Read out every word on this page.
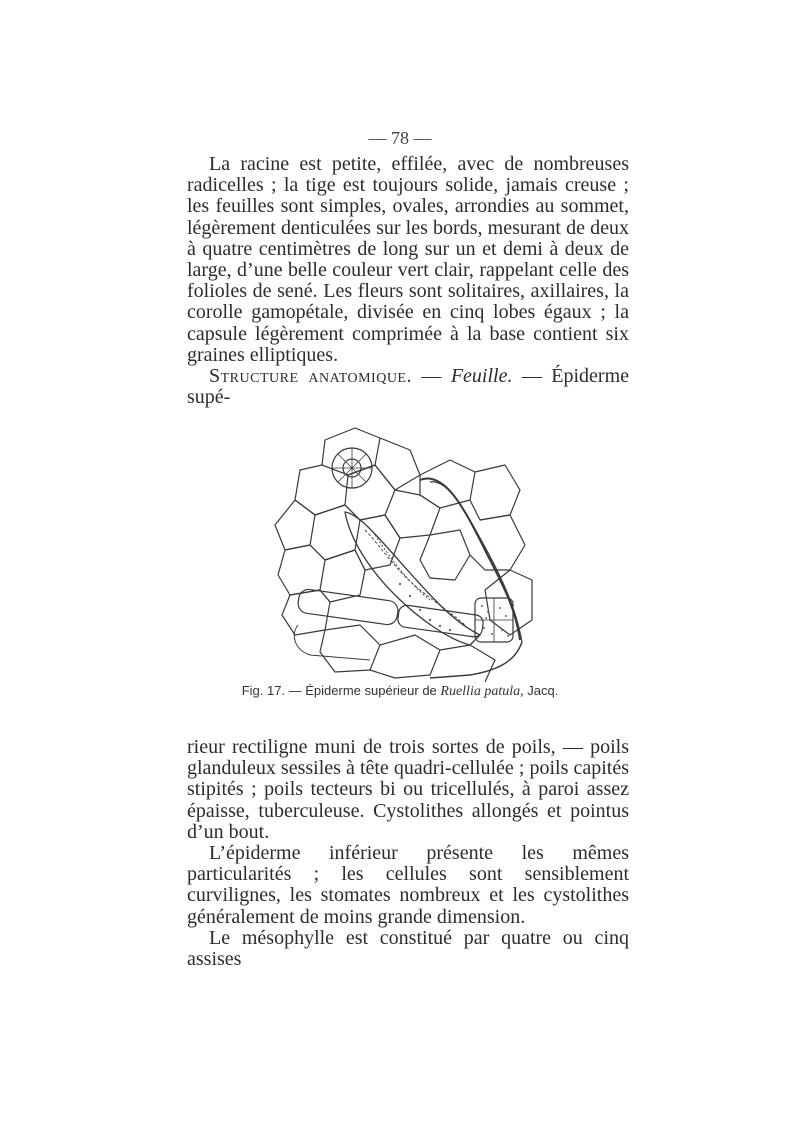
— 78 —

La racine est petite, effilée, avec de nombreuses radicelles ; la tige est toujours solide, jamais creuse ; les feuilles sont simples, ovales, arrondies au sommet, légèrement denticulées sur les bords, mesurant de deux à quatre centimètres de long sur un et demi à deux de large, d’une belle couleur vert clair, rappelant celle des folioles de sené. Les fleurs sont solitaires, axillaires, la corolle gamopétale, divisée en cinq lobes égaux ; la capsule légèrement comprimée à la base contient six graines elliptiques.

Structure anatomique. — Feuille. — Épiderme supé-

Fig. 17. — Épiderme supérieur de Ruellia patula, Jacq.

rieur rectiligne muni de trois sortes de poils, — poils glanduleux sessiles à tête quadri-cellulée ; poils capités stipités ; poils tecteurs bi ou tricellulés, à paroi assez épaisse, tuberculeuse. Cystolithes allongés et pointus d’un bout.

L’épiderme inférieur présente les mêmes particularités ; les cellules sont sensiblement curvilignes, les stomates nombreux et les cystolithes généralement de moins grande dimension.

Le mésophylle est constitué par quatre ou cinq assises
